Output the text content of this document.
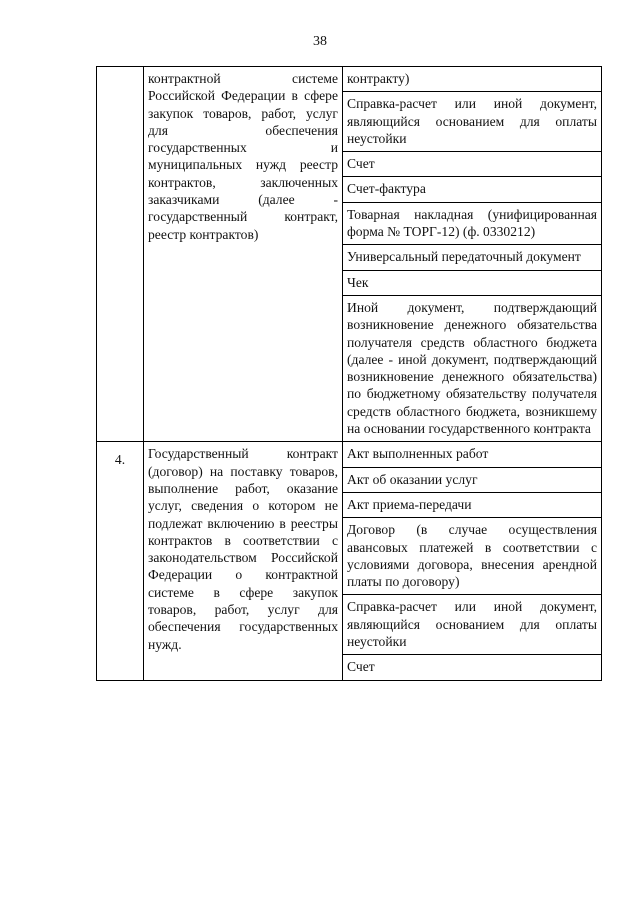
38

	контрактной системе Российской Федерации в сфере закупок товаров, работ, услуг для обеспечения государственных и муниципальных нужд реестр контрактов, заключенных заказчиками (далее - государственный контракт, реестр контрактов)	контракту)
		Справка-расчет или иной документ, являющийся основанием для оплаты неустойки
		Счет
		Счет-фактура
		Товарная накладная (унифицированная форма № ТОРГ-12) (ф. 0330212)
		Универсальный передаточный документ
		Чек
		Иной документ, подтверждающий возникновение денежного обязательства получателя средств областного бюджета (далее - иной документ, подтверждающий возникновение денежного обязательства) по бюджетному обязательству получателя средств областного бюджета, возникшему на основании государственного контракта
4.	Государственный контракт (договор) на поставку товаров, выполнение работ, оказание услуг, сведения о котором не подлежат включению в реестры контрактов в соответствии с законодательством Российской Федерации о контрактной системе в сфере закупок товаров, работ, услуг для обеспечения государственных нужд.	Акт выполненных работ
		Акт об оказании услуг
		Акт приема-передачи
		Договор (в случае осуществления авансовых платежей в соответствии с условиями договора, внесения арендной платы по договору)
		Справка-расчет или иной документ, являющийся основанием для оплаты неустойки
		Счет
